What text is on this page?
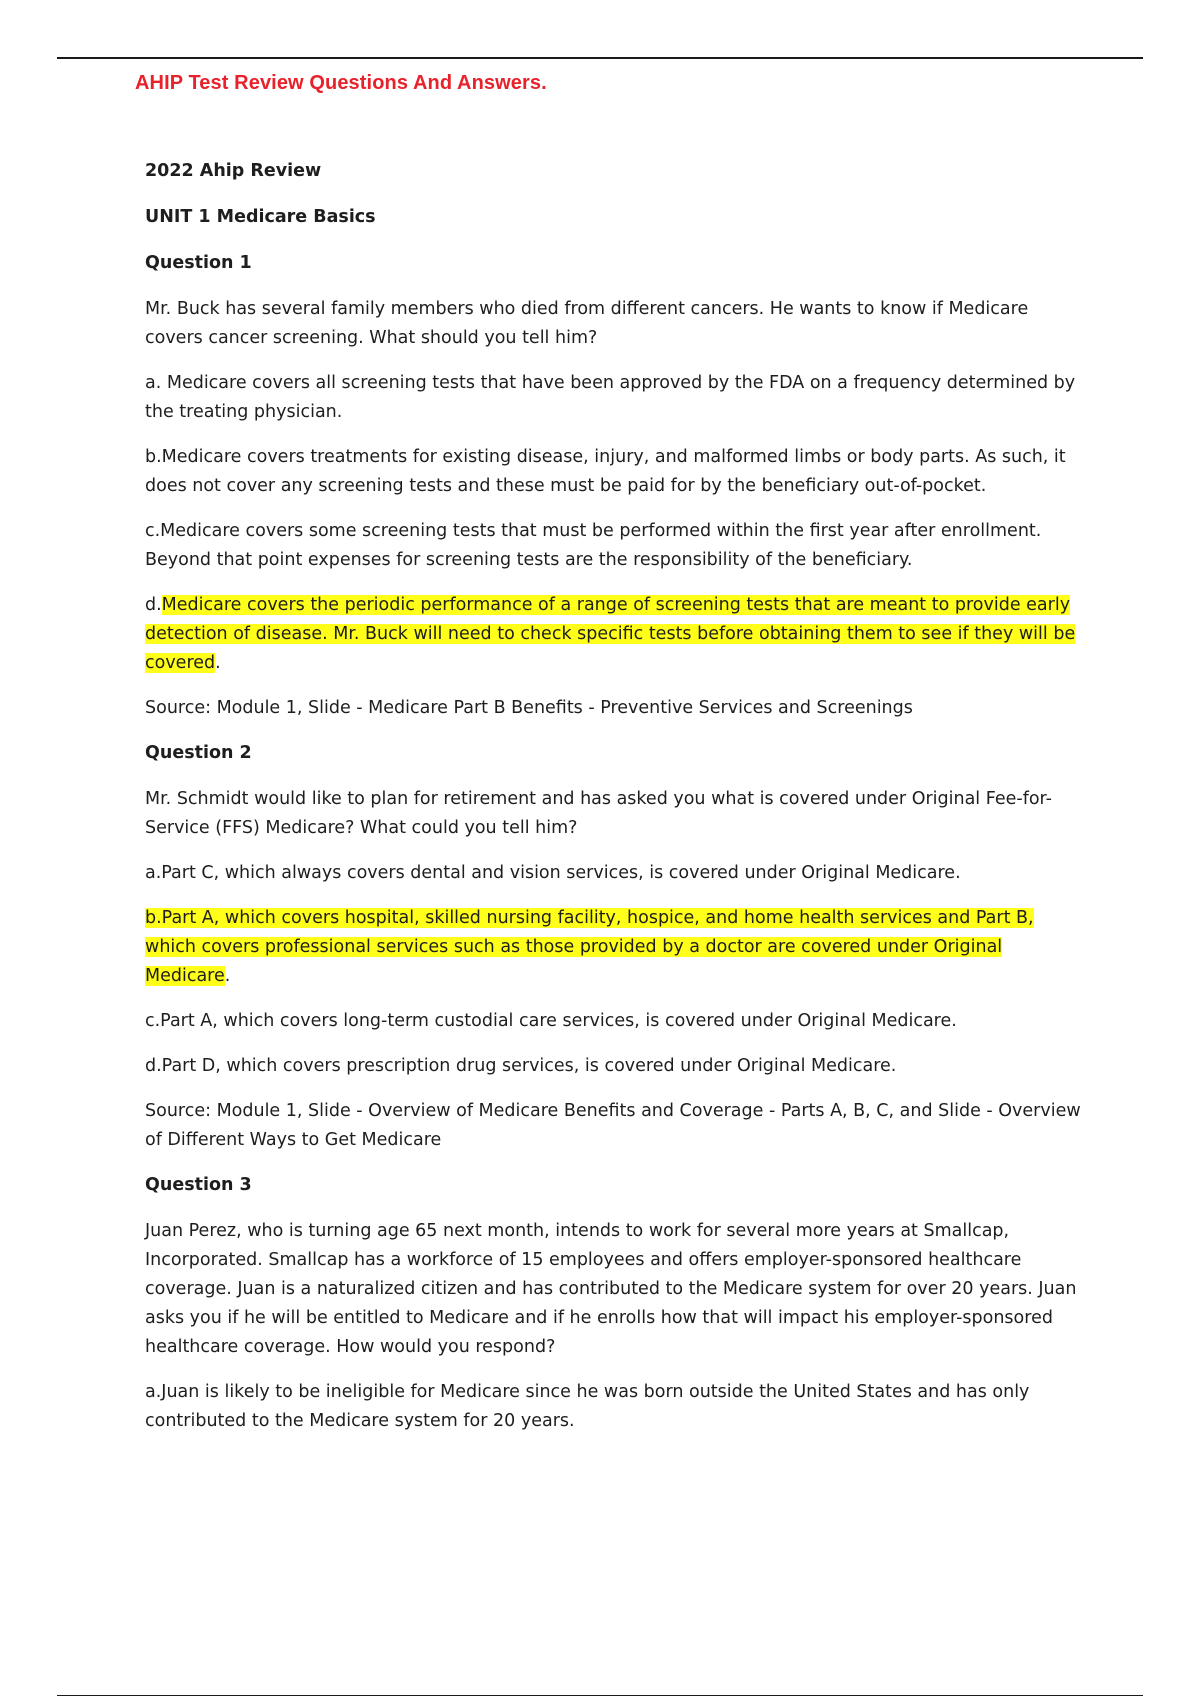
AHIP Test Review Questions And Answers.

2022 Ahip Review

UNIT 1 Medicare Basics

Question 1

Mr. Buck has several family members who died from different cancers. He wants to know if Medicare covers cancer screening. What should you tell him?

a. Medicare covers all screening tests that have been approved by the FDA on a frequency determined by the treating physician.

b.Medicare covers treatments for existing disease, injury, and malformed limbs or body parts. As such, it does not cover any screening tests and these must be paid for by the beneficiary out-of-pocket.

c.Medicare covers some screening tests that must be performed within the first year after enrollment. Beyond that point expenses for screening tests are the responsibility of the beneficiary.

d.Medicare covers the periodic performance of a range of screening tests that are meant to provide early detection of disease. Mr. Buck will need to check specific tests before obtaining them to see if they will be covered.

Source: Module 1, Slide - Medicare Part B Benefits - Preventive Services and Screenings

Question 2

Mr. Schmidt would like to plan for retirement and has asked you what is covered under Original Fee-for-Service (FFS) Medicare? What could you tell him?

a.Part C, which always covers dental and vision services, is covered under Original Medicare.

b.Part A, which covers hospital, skilled nursing facility, hospice, and home health services and Part B, which covers professional services such as those provided by a doctor are covered under Original Medicare.

c.Part A, which covers long-term custodial care services, is covered under Original Medicare.

d.Part D, which covers prescription drug services, is covered under Original Medicare.

Source: Module 1, Slide - Overview of Medicare Benefits and Coverage - Parts A, B, C, and Slide - Overview of Different Ways to Get Medicare

Question 3

Juan Perez, who is turning age 65 next month, intends to work for several more years at Smallcap, Incorporated. Smallcap has a workforce of 15 employees and offers employer-sponsored healthcare coverage. Juan is a naturalized citizen and has contributed to the Medicare system for over 20 years. Juan asks you if he will be entitled to Medicare and if he enrolls how that will impact his employer-sponsored healthcare coverage. How would you respond?

a.Juan is likely to be ineligible for Medicare since he was born outside the United States and has only contributed to the Medicare system for 20 years.
